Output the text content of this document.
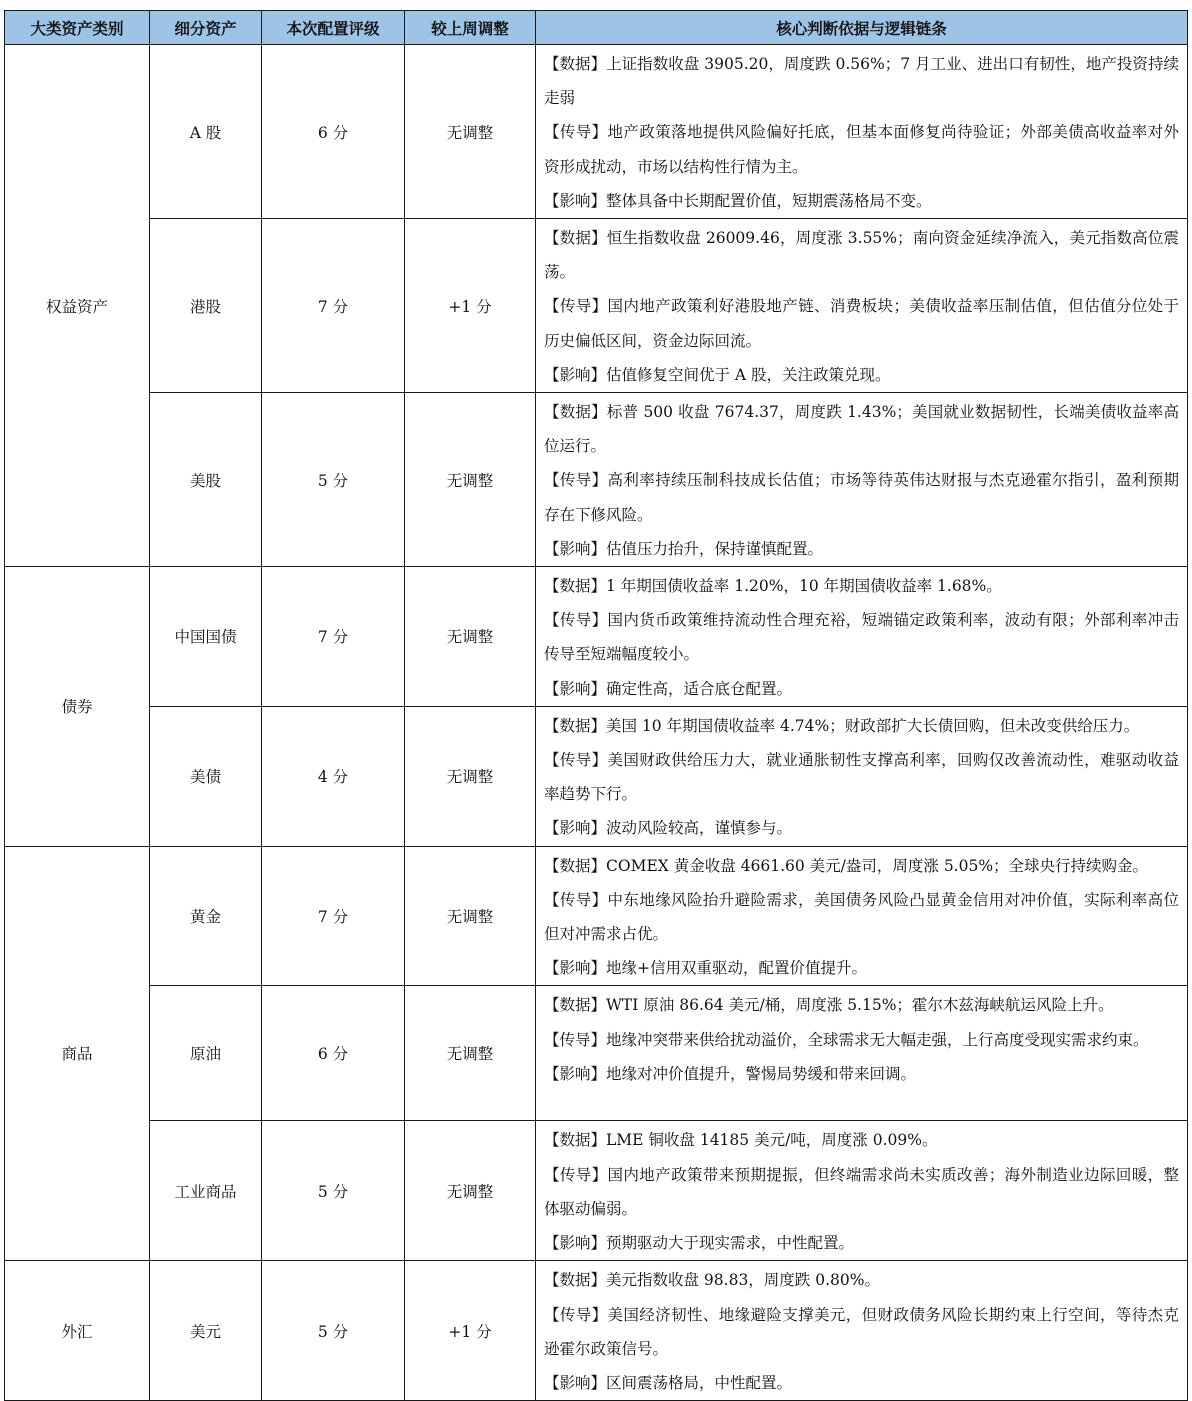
大类资产类别	细分资产	本次配置评级	较上周调整	核心判断依据与逻辑链条
权益资产	A 股	6 分	无调整	【数据】上证指数收盘 3905.20，周度跌 0.56%；7 月工业、进出口有韧性，地产投资持续走弱
【传导】地产政策落地提供风险偏好托底，但基本面修复尚待验证；外部美债高收益率对外资形成扰动，市场以结构性行情为主。
【影响】整体具备中长期配置价值，短期震荡格局不变。

	港股	7 分	+1 分	【数据】恒生指数收盘 26009.46，周度涨 3.55%；南向资金延续净流入，美元指数高位震荡。
【传导】国内地产政策利好港股地产链、消费板块；美债收益率压制估值，但估值分位处于历史偏低区间，资金边际回流。
【影响】估值修复空间优于 A 股，关注政策兑现。

	美股	5 分	无调整	【数据】标普 500 收盘 7674.37，周度跌 1.43%；美国就业数据韧性，长端美债收益率高位运行。
【传导】高利率持续压制科技成长估值；市场等待英伟达财报与杰克逊霍尔指引，盈利预期存在下修风险。
【影响】估值压力抬升，保持谨慎配置。

债券	中国国债	7 分	无调整	【数据】1 年期国债收益率 1.20%，10 年期国债收益率 1.68%。
【传导】国内货币政策维持流动性合理充裕，短端锚定政策利率，波动有限；外部利率冲击传导至短端幅度较小。
【影响】确定性高，适合底仓配置。

	美债	4 分	无调整	【数据】美国 10 年期国债收益率 4.74%；财政部扩大长债回购，但未改变供给压力。
【传导】美国财政供给压力大，就业通胀韧性支撑高利率，回购仅改善流动性，难驱动收益率趋势下行。
【影响】波动风险较高，谨慎参与。

商品	黄金	7 分	无调整	【数据】COMEX 黄金收盘 4661.60 美元/盎司，周度涨 5.05%；全球央行持续购金。
【传导】中东地缘风险抬升避险需求，美国债务风险凸显黄金信用对冲价值，实际利率高位但对冲需求占优。
【影响】地缘+信用双重驱动，配置价值提升。

	原油	6 分	无调整	【数据】WTI 原油 86.64 美元/桶，周度涨 5.15%；霍尔木兹海峡航运风险上升。
【传导】地缘冲突带来供给扰动溢价，全球需求无大幅走强，上行高度受现实需求约束。
【影响】地缘对冲价值提升，警惕局势缓和带来回调。

	工业商品	5 分	无调整	【数据】LME 铜收盘 14185 美元/吨，周度涨 0.09%。
【传导】国内地产政策带来预期提振，但终端需求尚未实质改善；海外制造业边际回暖，整体驱动偏弱。
【影响】预期驱动大于现实需求，中性配置。

外汇	美元	5 分	+1 分	【数据】美元指数收盘 98.83，周度跌 0.80%。
【传导】美国经济韧性、地缘避险支撑美元，但财政债务风险长期约束上行空间，等待杰克逊霍尔政策信号。
【影响】区间震荡格局，中性配置。
